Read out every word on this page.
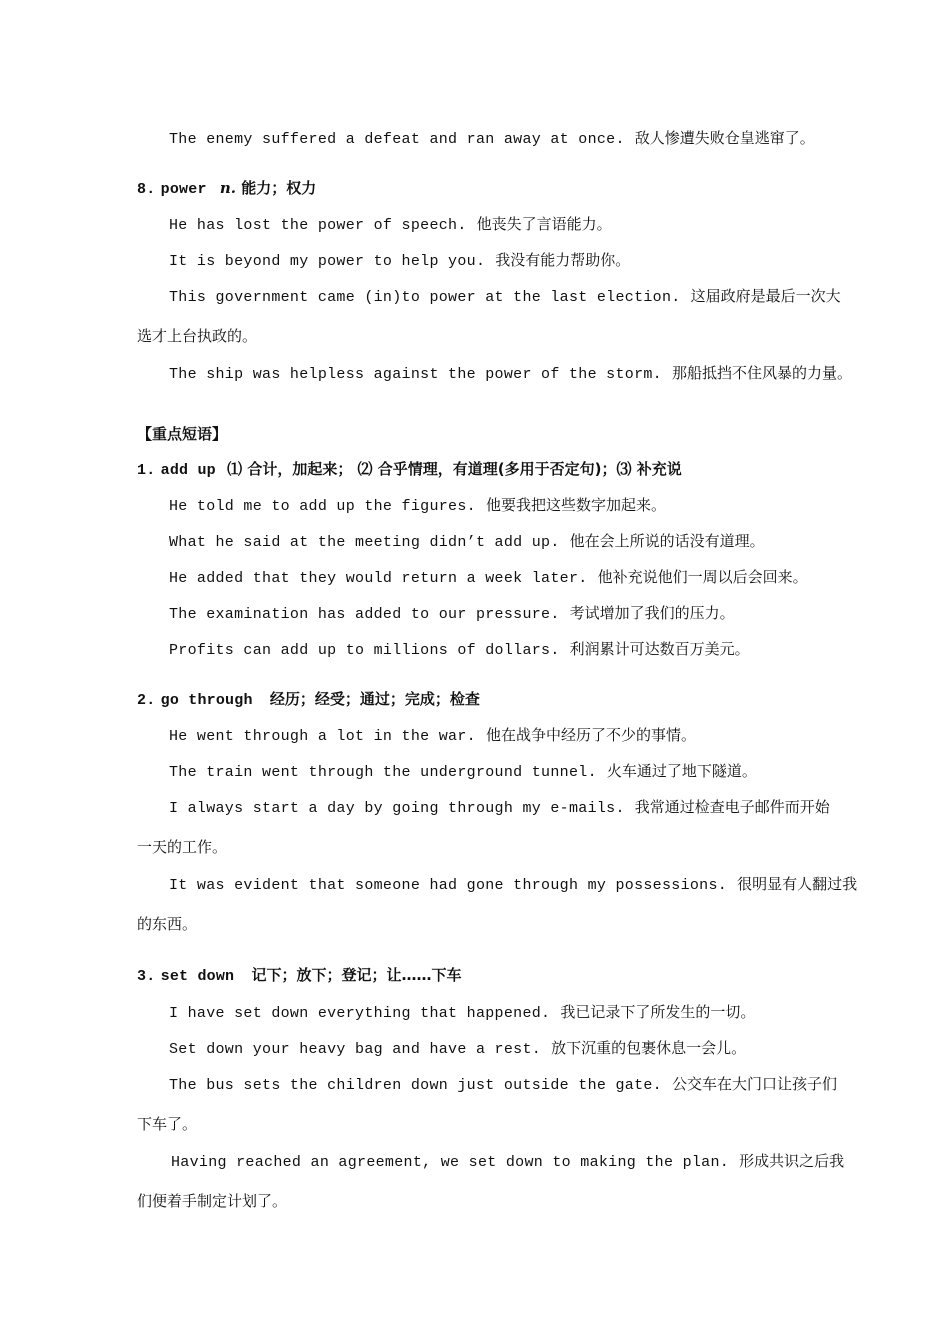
The enemy suffered a defeat and ran away at once. 敌人惨遭失败仓皇逃窜了。
8. power n. 能力；权力
He has lost the power of speech. 他丧失了言语能力。
It is beyond my power to help you. 我没有能力帮助你。
This government came (in)to power at the last election. 这届政府是最后一次大
选才上台执政的。
The ship was helpless against the power of the storm. 那船抵挡不住风暴的力量。
【重点短语】
1. add up ⑴ 合计，加起来； ⑵ 合乎情理，有道理(多用于否定句)；⑶ 补充说
He told me to add up the figures. 他要我把这些数字加起来。
What he said at the meeting didn’t add up. 他在会上所说的话没有道理。
He added that they would return a week later. 他补充说他们一周以后会回来。
The examination has added to our pressure. 考试增加了我们的压力。
Profits can add up to millions of dollars. 利润累计可达数百万美元。
2. go through 经历；经受；通过；完成；检查
He went through a lot in the war. 他在战争中经历了不少的事情。
The train went through the underground tunnel. 火车通过了地下隧道。
I always start a day by going through my e-mails. 我常通过检查电子邮件而开始
一天的工作。
It was evident that someone had gone through my possessions. 很明显有人翻过我
的东西。
3. set down 记下；放下；登记；让……下车
I have set down everything that happened. 我已记录下了所发生的一切。
Set down your heavy bag and have a rest. 放下沉重的包裹休息一会儿。
The bus sets the children down just outside the gate. 公交车在大门口让孩子们
下车了。
Having reached an agreement, we set down to making the plan. 形成共识之后我
们便着手制定计划了。
